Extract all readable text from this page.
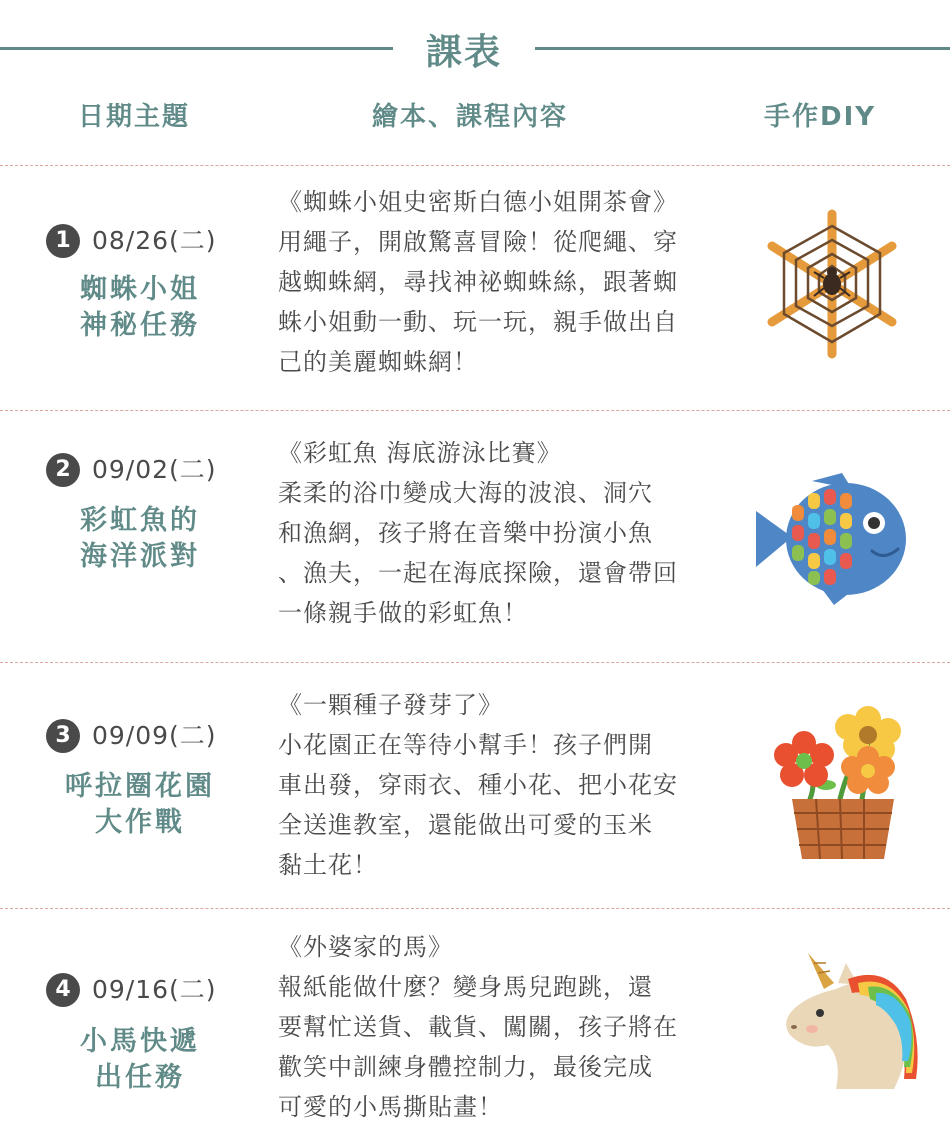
課表
日期主題	繪本、課程內容	手作DIY
1 08/26(二)
蜘蛛小姐
神秘任務

《蜘蛛小姐史密斯白德小姐開茶會》

用繩子，開啟驚喜冒險！從爬繩、穿

越蜘蛛網，尋找神祕蜘蛛絲，跟著蜘

蛛小姐動一動、玩一玩，親手做出自

己的美麗蜘蛛網！

2 09/02(二)
彩虹魚的
海洋派對

《彩虹魚 海底游泳比賽》

柔柔的浴巾變成大海的波浪、洞穴

和漁網，孩子將在音樂中扮演小魚

、漁夫，一起在海底探險，還會帶回

一條親手做的彩虹魚！

3 09/09(二)
呼拉圈花園
大作戰

《一顆種子發芽了》

小花園正在等待小幫手！孩子們開

車出發，穿雨衣、種小花、把小花安

全送進教室，還能做出可愛的玉米

黏土花！

4 09/16(二)
小馬快遞
出任務

《外婆家的馬》

報紙能做什麼？變身馬兒跑跳，還

要幫忙送貨、載貨、闖關，孩子將在

歡笑中訓練身體控制力，最後完成

可愛的小馬撕貼畫！
